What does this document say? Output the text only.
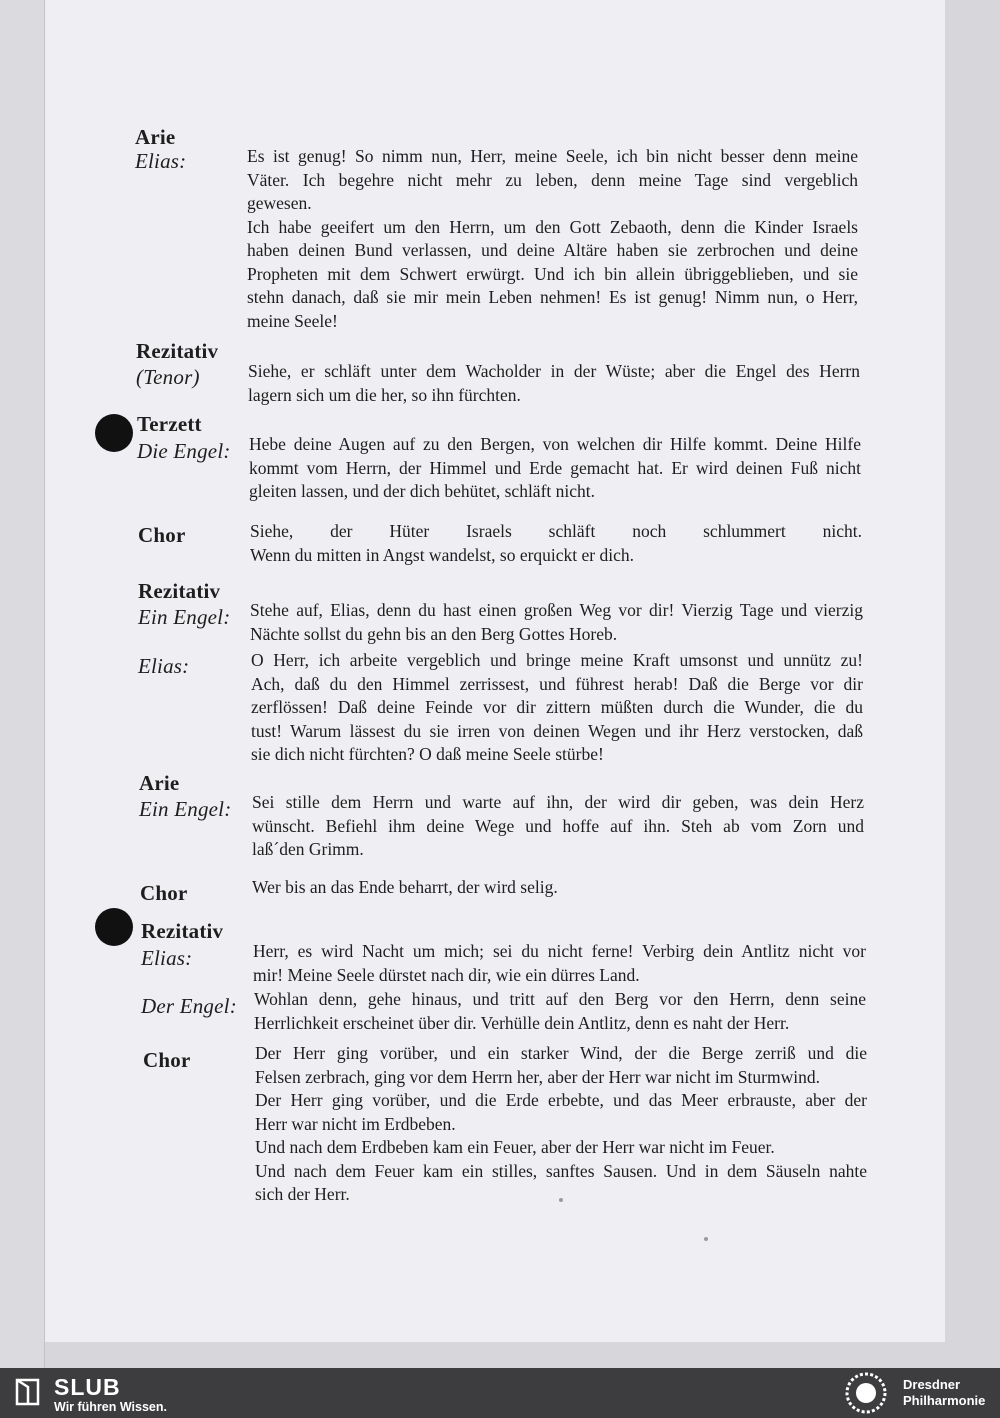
Arie
Elias:	Es ist genug! So nimm nun, Herr, meine Seele, ich bin nicht besser denn meine
Väter. Ich begehre nicht mehr zu leben, denn meine Tage sind vergeblich
gewesen.
Ich habe geeifert um den Herrn, um den Gott Zebaoth, denn die Kinder Israels
haben deinen Bund verlassen, und deine Altäre haben sie zerbrochen und deine
Propheten mit dem Schwert erwürgt. Und ich bin allein übriggeblieben, und sie
stehn danach, daß sie mir mein Leben nehmen! Es ist genug! Nimm nun, o Herr,
meine Seele!
Rezitativ
(Tenor)	Siehe, er schläft unter dem Wacholder in der Wüste; aber die Engel des Herrn
lagern sich um die her, so ihn fürchten.
Terzett
Die Engel: Hebe deine Augen auf zu den Bergen, von welchen dir Hilfe kommt. Deine Hilfe
kommt vom Herrn, der Himmel und Erde gemacht hat. Er wird deinen Fuß nicht
gleiten lassen, und der dich behütet, schläft nicht.
Chor	Siehe, der Hüter Israels schläft noch schlummert nicht.
Wenn du mitten in Angst wandelst, so erquickt er dich.
Rezitativ
Ein Engel: Stehe auf, Elias, denn du hast einen großen Weg vor dir! Vierzig Tage und vierzig
Nächte sollst du gehn bis an den Berg Gottes Horeb.
Elias:	O Herr, ich arbeite vergeblich und bringe meine Kraft umsonst und unnütz zu!
Ach, daß du den Himmel zerrissest, und führest herab! Daß die Berge vor dir
zerflössen! Daß deine Feinde vor dir zittern müßten durch die Wunder, die du
tust! Warum lässest du sie irren von deinen Wegen und ihr Herz verstocken, daß
sie dich nicht fürchten? O daß meine Seele stürbe!
Arie
Ein Engel: Sei stille dem Herrn und warte auf ihn, der wird dir geben, was dein Herz
wünscht. Befiehl ihm deine Wege und hoffe auf ihn. Steh ab vom Zorn und
laß´den Grimm.
Chor	Wer bis an das Ende beharrt, der wird selig.
Rezitativ
Elias:	Herr, es wird Nacht um mich; sei du nicht ferne! Verbirg dein Antlitz nicht vor
mir! Meine Seele dürstet nach dir, wie ein dürres Land.
Der Engel: Wohlan denn, gehe hinaus, und tritt auf den Berg vor den Herrn, denn seine
Herrlichkeit erscheinet über dir. Verhülle dein Antlitz, denn es naht der Herr.
Chor	Der Herr ging vorüber, und ein starker Wind, der die Berge zerriß und die
Felsen zerbrach, ging vor dem Herrn her, aber der Herr war nicht im Sturmwind.
Der Herr ging vorüber, und die Erde erbebte, und das Meer erbrauste, aber der
Herr war nicht im Erdbeben.
Und nach dem Erdbeben kam ein Feuer, aber der Herr war nicht im Feuer.
Und nach dem Feuer kam ein stilles, sanftes Sausen. Und in dem Säuseln nahte
sich der Herr.
SLUB
Wir führen Wissen.
Dresdner
Philharmonie
